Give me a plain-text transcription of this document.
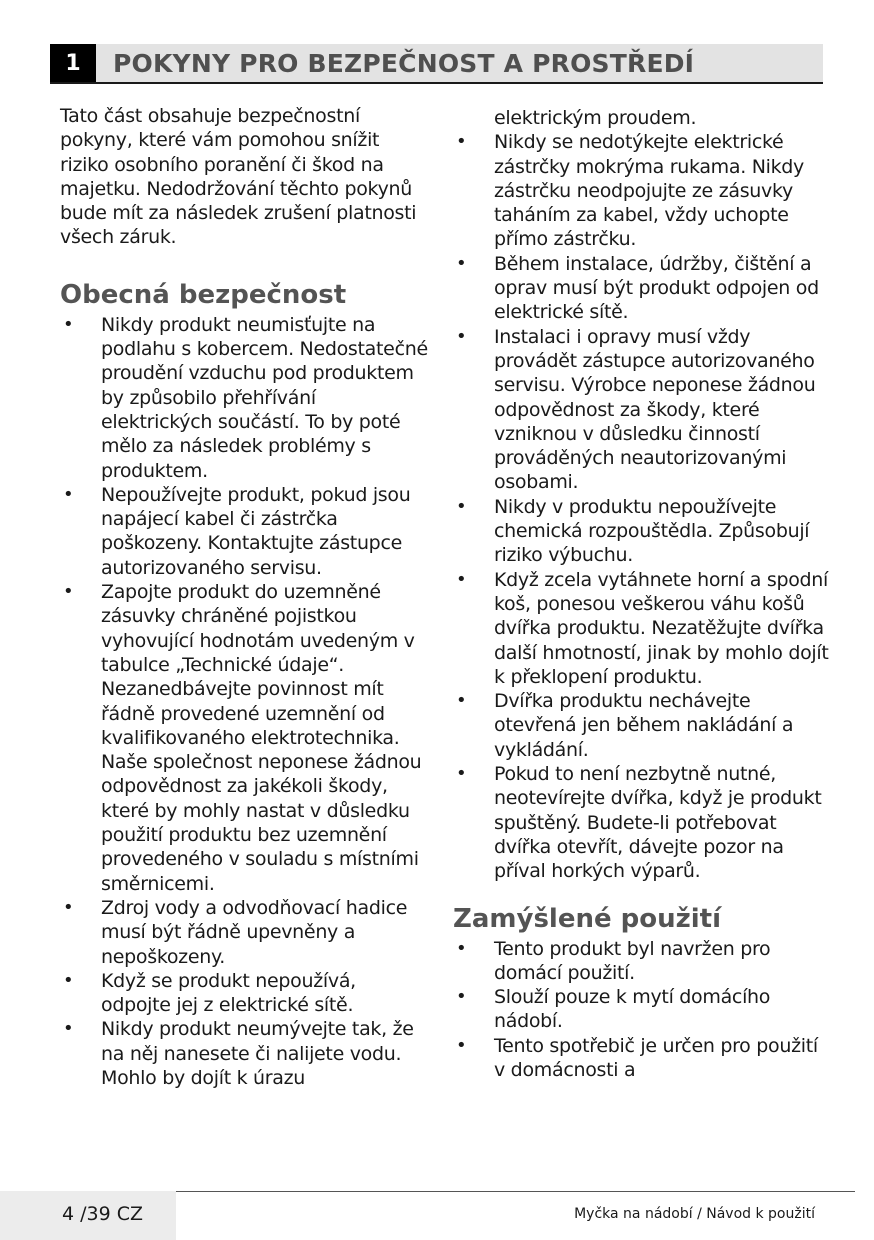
1	POKYNY PRO BEZPEČNOST A PROSTŘEDÍ

Tato část obsahuje bezpečnostní pokyny, které vám pomohou snížit riziko osobního poranění či škod na majetku. Nedodržování těchto pokynů bude mít za následek zrušení platnosti všech záruk.

Obecná bezpečnost
• Nikdy produkt neumisťujte na podlahu s kobercem. Nedostatečné proudění vzduchu pod produktem by způsobilo přehřívání elektrických součástí. To by poté mělo za následek problémy s produktem.
• Nepoužívejte produkt, pokud jsou napájecí kabel či zástrčka poškozeny. Kontaktujte zástupce autorizovaného servisu.
• Zapojte produkt do uzemněné zásuvky chráněné pojistkou vyhovující hodnotám uvedeným v tabulce „Technické údaje“. Nezanedbávejte povinnost mít řádně provedené uzemnění od kvalifikovaného elektrotechnika. Naše společnost neponese žádnou odpovědnost za jakékoli škody, které by mohly nastat v důsledku použití produktu bez uzemnění provedeného v souladu s místními směrnicemi.
• Zdroj vody a odvodňovací hadice musí být řádně upevněny a nepoškozeny.
• Když se produkt nepoužívá, odpojte jej z elektrické sítě.
• Nikdy produkt neumývejte tak, že na něj nanesete či nalijete vodu. Mohlo by dojít k úrazu

elektrickým proudem.

• Nikdy se nedotýkejte elektrické zástrčky mokrýma rukama. Nikdy zástrčku neodpojujte ze zásuvky taháním za kabel, vždy uchopte přímo zástrčku.
• Během instalace, údržby, čištění a oprav musí být produkt odpojen od elektrické sítě.
• Instalaci i opravy musí vždy provádět zástupce autorizovaného servisu. Výrobce neponese žádnou odpovědnost za škody, které vzniknou v důsledku činností prováděných neautorizovanými osobami.
• Nikdy v produktu nepoužívejte chemická rozpouštědla. Způsobují riziko výbuchu.
• Když zcela vytáhnete horní a spodní koš, ponesou veškerou váhu košů dvířka produktu. Nezatěžujte dvířka další hmotností, jinak by mohlo dojít k překlopení produktu.
• Dvířka produktu nechávejte otevřená jen během nakládání a vykládání.
• Pokud to není nezbytně nutné, neotevírejte dvířka, když je produkt spuštěný. Budete-li potřebovat dvířka otevřít, dávejte pozor na příval horkých výparů.
Zamýšlené použití
• Tento produkt byl navržen pro domácí použití.
• Slouží pouze k mytí domácího nádobí.
• Tento spotřebič je určen pro použití v domácnosti a
4 /39 CZ	Myčka na nádobí / Návod k použití
